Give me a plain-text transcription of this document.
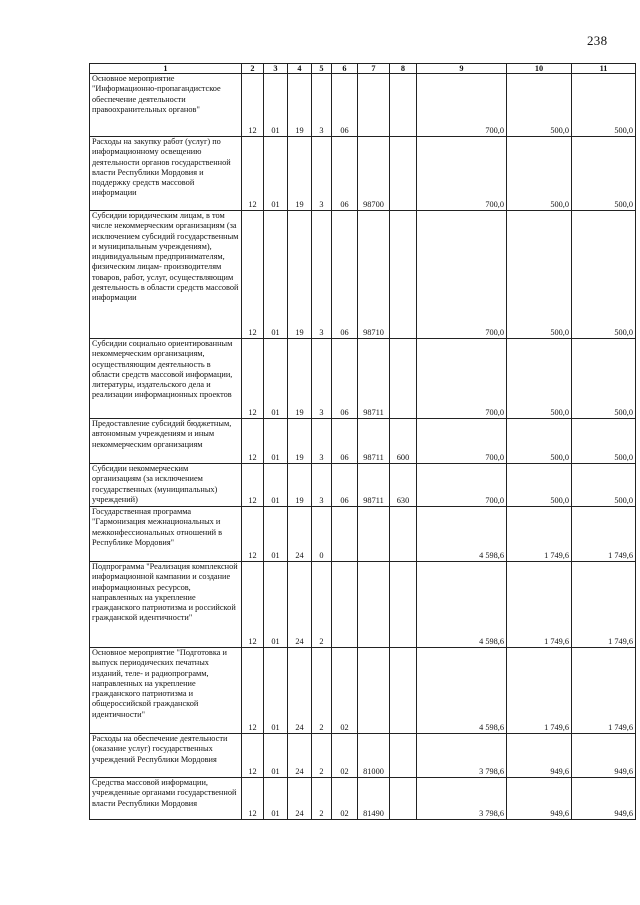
238
1	2	3	4	5	6	7	8	9	10	11
Основное мероприятие "Информационно-пропагандистское обеспечение деятельности правоохранительных органов"	12	01	19	3	06			700,0	500,0	500,0
Расходы на закупку работ (услуг) по информационному освещению деятельности органов государственной власти Республики Мордовия и поддержку средств массовой информации	12	01	19	3	06	98700		700,0	500,0	500,0
Субсидии юридическим лицам, в том числе некоммерческим организациям (за исключением субсидий государственным и муниципальным учреждениям), индивидуальным предпринимателям, физическим лицам- производителям товаров, работ, услуг, осуществляющим деятельность в области средств массовой информации	12	01	19	3	06	98710		700,0	500,0	500,0
Субсидии социально ориентированным некоммерческим организациям, осуществляющим деятельность в области средств массовой информации, литературы, издательского дела и реализации информационных проектов	12	01	19	3	06	98711		700,0	500,0	500,0
Предоставление субсидий бюджетным, автономным учреждениям и иным некоммерческим организациям	12	01	19	3	06	98711	600	700,0	500,0	500,0
Субсидии некоммерческим организациям (за исключением государственных (муниципальных) учреждений)	12	01	19	3	06	98711	630	700,0	500,0	500,0
Государственная программа "Гармонизация межнациональных и межконфессиональных отношений в Республике Мордовия"	12	01	24	0				4 598,6	1 749,6	1 749,6
Подпрограмма "Реализация комплексной информационной кампании и создание информационных ресурсов, направленных на укрепление гражданского патриотизма и российской гражданской идентичности"	12	01	24	2				4 598,6	1 749,6	1 749,6
Основное мероприятие "Подготовка и выпуск периодических печатных изданий, теле- и радиопрограмм, направленных на укрепление гражданского патриотизма и общероссийской гражданской идентичности"	12	01	24	2	02			4 598,6	1 749,6	1 749,6
Расходы на обеспечение деятельности (оказание услуг) государственных учреждений Республики Мордовия	12	01	24	2	02	81000		3 798,6	949,6	949,6
Средства массовой информации, учрежденные органами государственной власти Республики Мордовия	12	01	24	2	02	81490		3 798,6	949,6	949,6
